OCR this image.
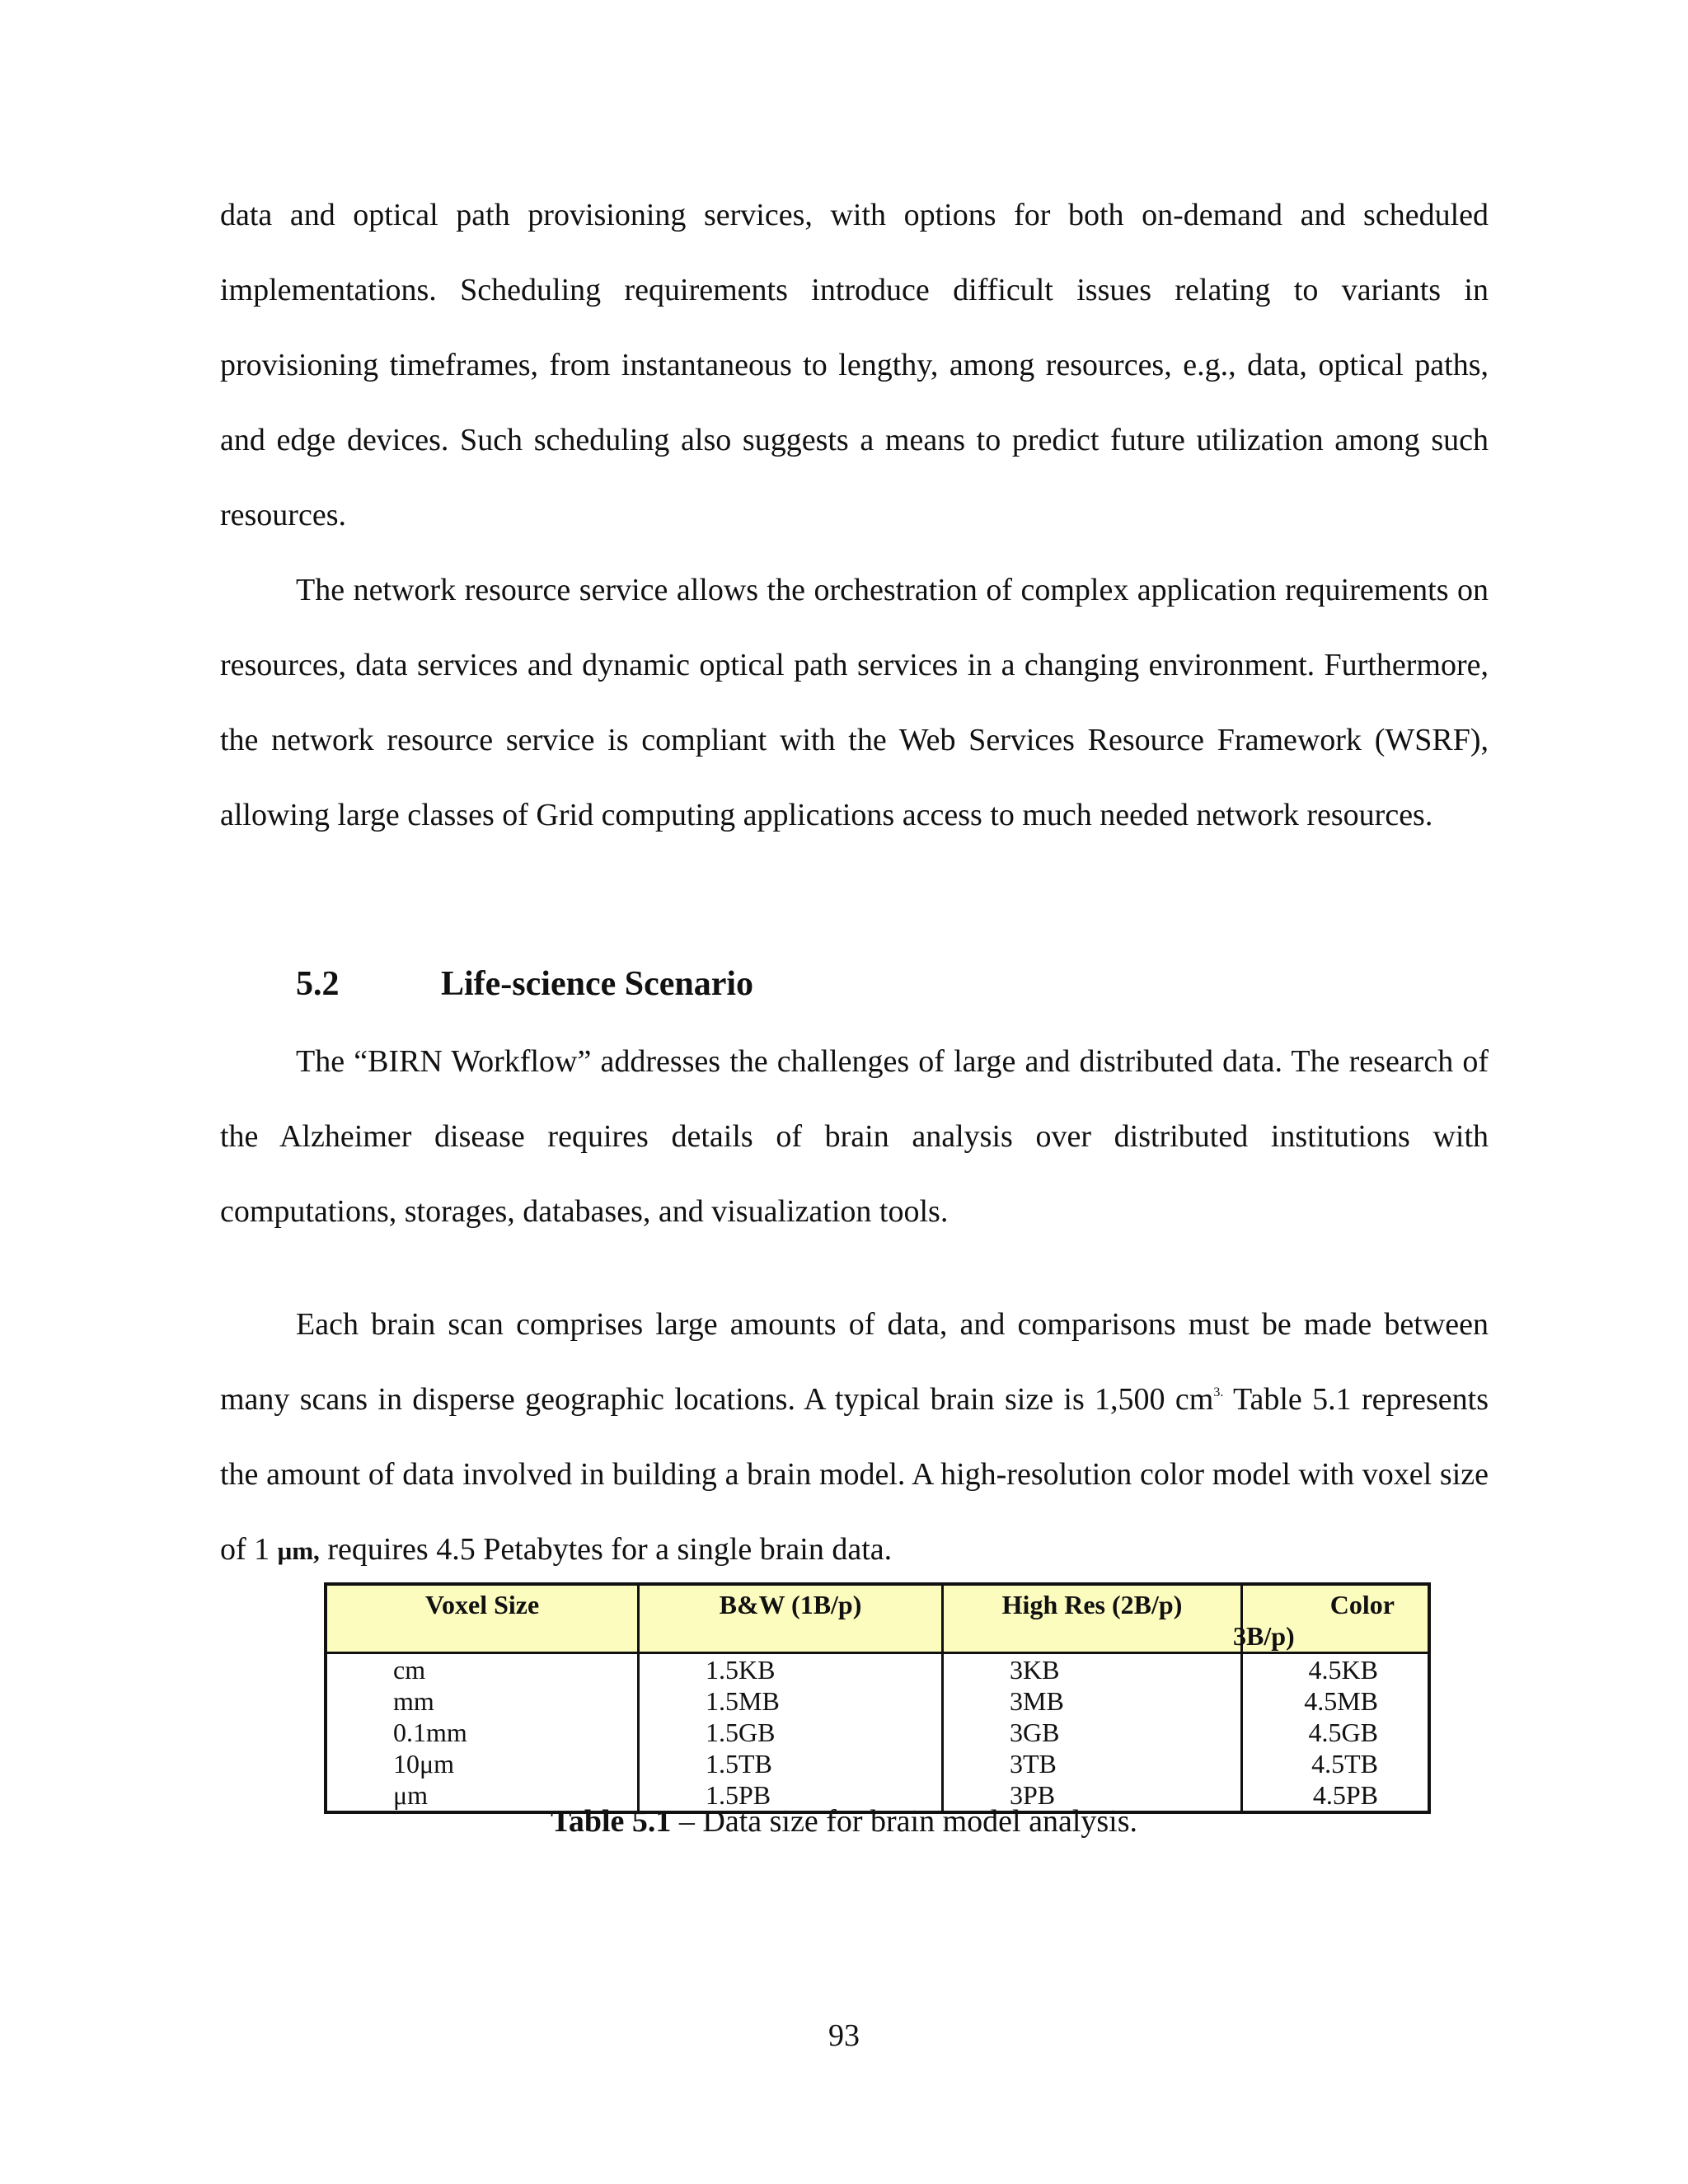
data and optical path provisioning services, with options for both on-demand and scheduled implementations. Scheduling requirements introduce difficult issues relating to variants in provisioning timeframes, from instantaneous to lengthy, among resources, e.g., data, optical paths, and edge devices. Such scheduling also suggests a means to predict future utilization among such resources.

The network resource service allows the orchestration of complex application requirements on resources, data services and dynamic optical path services in a changing environment. Furthermore, the network resource service is compliant with the Web Services Resource Framework (WSRF), allowing large classes of Grid computing applications access to much needed network resources.

5.2	Life-science Scenario

The “BIRN Workflow” addresses the challenges of large and distributed data. The research of the Alzheimer disease requires details of brain analysis over distributed institutions with computations, storages, databases, and visualization tools.

Each brain scan comprises large amounts of data, and comparisons must be made between many scans in disperse geographic locations. A typical brain size is 1,500 $cm^{3.}$ Table 5.1 represents the amount of data involved in building a brain model. A high-resolution color model with voxel size of 1 μm, requires 4.5 Petabytes for a single brain data.

Voxel Size	B&W (1B/p)	High Res (2B/p)	Color
3B/p)

cm	1.5KB	3KB	4.5KB
mm	1.5MB	3MB	4.5MB
0.1mm	1.5GB	3GB	4.5GB
10μm	1.5TB	3TB	4.5TB
μm	1.5PB	3PB	4.5PB

Table 5.1 – Data size for brain model analysis.

93
